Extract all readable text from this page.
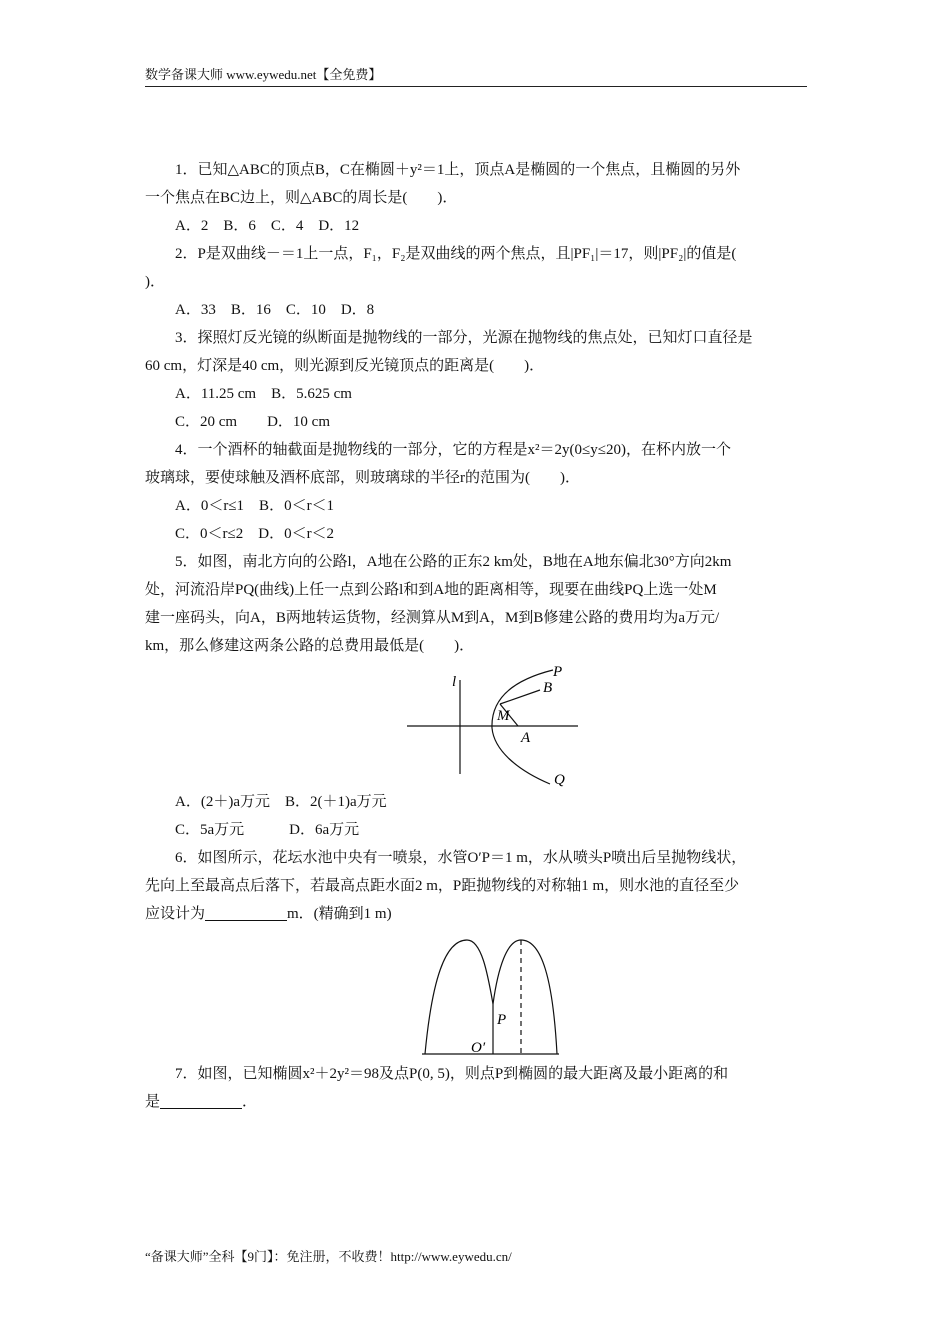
数学备课大师 www.eywedu.net【全免费】

1．已知△ABC的顶点B，C在椭圆＋y²＝1上，顶点A是椭圆的一个焦点，且椭圆的另外

一个焦点在BC边上，则△ABC的周长是(　　)．

A．2　B．6　C．4　D．12

2．P是双曲线－＝1上一点，F₁，F₂是双曲线的两个焦点，且|PF₁|＝17，则|PF₂|的值是(

)．

A．33　B．16　C．10　D．8

3．探照灯反光镜的纵断面是抛物线的一部分，光源在抛物线的焦点处，已知灯口直径是

60 cm，灯深是40 cm，则光源到反光镜顶点的距离是(　　)．

A．11.25 cm　B．5.625 cm

C．20 cm　　D．10 cm

4．一个酒杯的轴截面是抛物线的一部分，它的方程是x²＝2y(0≤y≤20)，在杯内放一个

玻璃球，要使球触及酒杯底部，则玻璃球的半径r的范围为(　　)．

A．0＜r≤1　B．0＜r＜1

C．0＜r≤2　D．0＜r＜2

5．如图，南北方向的公路l，A地在公路的正东2 km处，B地在A地东偏北30°方向2km

处，河流沿岸PQ(曲线)上任一点到公路l和到A地的距离相等，现要在曲线PQ上选一处M

建一座码头，向A，B两地转运货物，经测算从M到A，M到B修建公路的费用均为a万元/

km，那么修建这两条公路的总费用最低是(　　)．

l
P
B
M
A
Q

A．(2＋)a万元　B．2(＋1)a万元

C．5a万元　　　D．6a万元

6．如图所示，花坛水池中央有一喷泉，水管O′P＝1 m，水从喷头P喷出后呈抛物线状，

先向上至最高点后落下，若最高点距水面2 m，P距抛物线的对称轴1 m，则水池的直径至少

应设计为	m．(精确到1 m)

P
O′

7．如图，已知椭圆x²＋2y²＝98及点P(0, 5)，则点P到椭圆的最大距离及最小距离的和

是	．

“备课大师”全科【9门】：免注册，不收费！http://www.eywedu.cn/
